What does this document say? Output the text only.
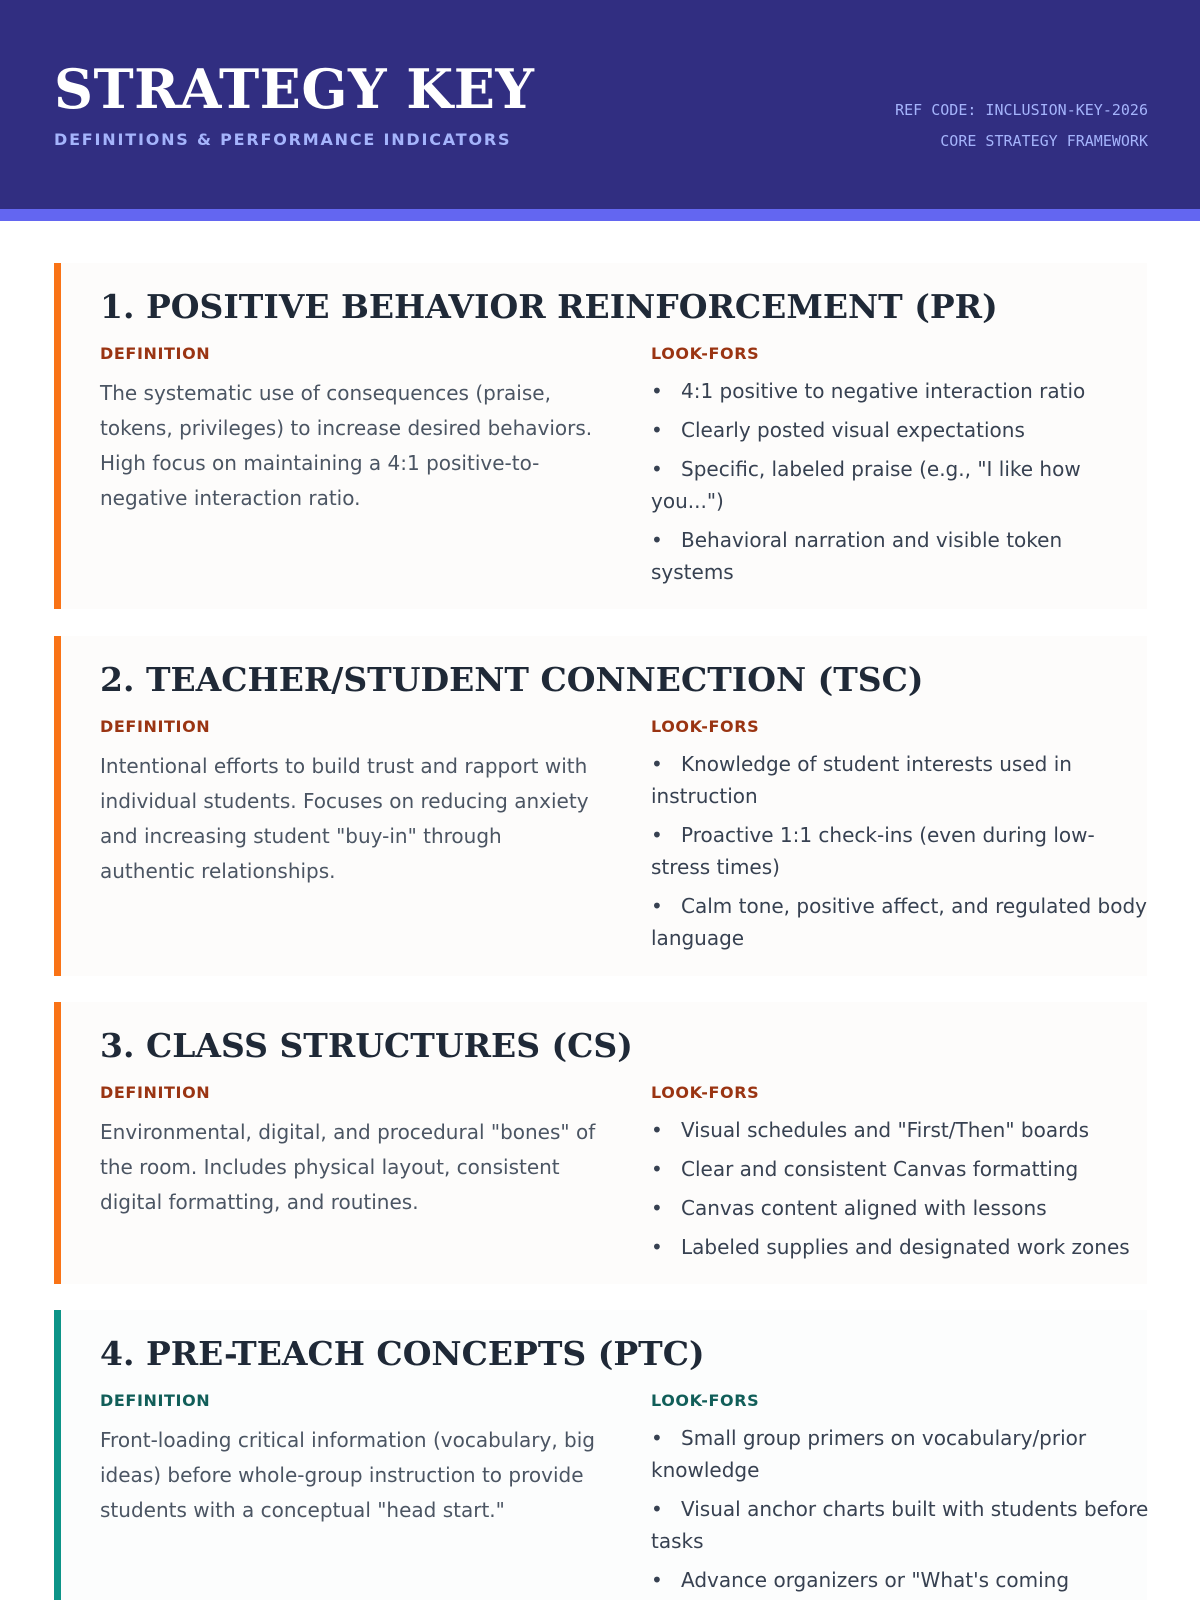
STRATEGY KEY
DEFINITIONS & PERFORMANCE INDICATORS
REF CODE: INCLUSION-KEY-2026
CORE STRATEGY FRAMEWORK
1. POSITIVE BEHAVIOR REINFORCEMENT (PR)
DEFINITION

The systematic use of consequences (praise, tokens, privileges) to increase desired behaviors. High focus on maintaining a 4:1 positive-to-negative interaction ratio.

LOOK-FORS
• 4:1 positive to negative interaction ratio
• Clearly posted visual expectations
• Specific, labeled praise (e.g., "I like how you...")
• Behavioral narration and visible token systems
2. TEACHER/STUDENT CONNECTION (TSC)
DEFINITION

Intentional efforts to build trust and rapport with individual students. Focuses on reducing anxiety and increasing student "buy-in" through authentic relationships.

LOOK-FORS
• Knowledge of student interests used in instruction
• Proactive 1:1 check-ins (even during low-stress times)
• Calm tone, positive affect, and regulated body language
3. CLASS STRUCTURES (CS)
DEFINITION

Environmental, digital, and procedural "bones" of the room. Includes physical layout, consistent digital formatting, and routines.

LOOK-FORS
• Visual schedules and "First/Then" boards
• Clear and consistent Canvas formatting
• Canvas content aligned with lessons
• Labeled supplies and designated work zones
4. PRE-TEACH CONCEPTS (PTC)
DEFINITION

Front-loading critical information (vocabulary, big ideas) before whole-group instruction to provide students with a conceptual "head start."

LOOK-FORS
• Small group primers on vocabulary/prior knowledge
• Visual anchor charts built with students before tasks
• Advance organizers or "What's coming
